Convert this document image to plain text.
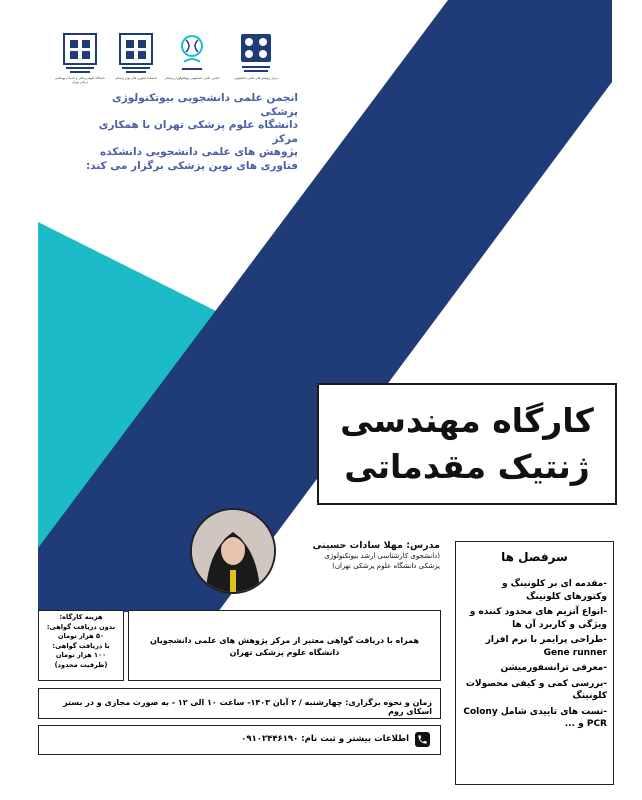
دانشگاه علوم پزشکی و خدمات بهداشتی درمانی تهران
دانشکده فناوری های نوین پزشکی	انجمن علمی دانشجویی بیوتکنولوژی پزشکی	مرکز پژوهش های علمی دانشجویی
انجمن علمی دانشجویی بیوتکنولوژی پزشکی
دانشگاه علوم پزشکی تهران با همکاری مرکز
پژوهش های علمی دانشجویی دانشکده
فناوری های نوین پزشکی برگزار می کند:
کارگاه مهندسی
ژنتیک مقدماتی
مدرس: مهلا سادات حسینی
(دانشجوی کارشناسی ارشد بیوتکنولوژی
پزشکی دانشگاه علوم پزشکی تهران)
سرفصل ها
-مقدمه ای بر کلونینگ و وکتورهای کلونینگ
-انواع آنزیم های محدود کننده و ویژگی و کاربرد آن ها
-طراحی پرایمر با نرم افزار Gene runner
-معرفی ترانسفورمیشن
-بررسی کمی و کیفی محصولات کلونینگ
-تست های تاییدی شامل Colony PCR و ...
هزینه کارگاه:
بدون دریافت گواهی:
۵۰ هزار تومان
با دریافت گواهی:
۱۰۰ هزار تومان
(ظرفیت محدود)
همراه با دریافت گواهی معتبر از مرکز پژوهش های علمی دانشجویان دانشگاه علوم پزشکی تهران
زمان و نحوه برگزاری: چهارشنبه / ۲ آبان ۱۴۰۳- ساعت ۱۰ الی ۱۲ - به صورت مجازی و در بستر اسکای روم
اطلاعات بیشتر و ثبت نام: ۰۹۱۰۲۴۴۶۱۹۰
